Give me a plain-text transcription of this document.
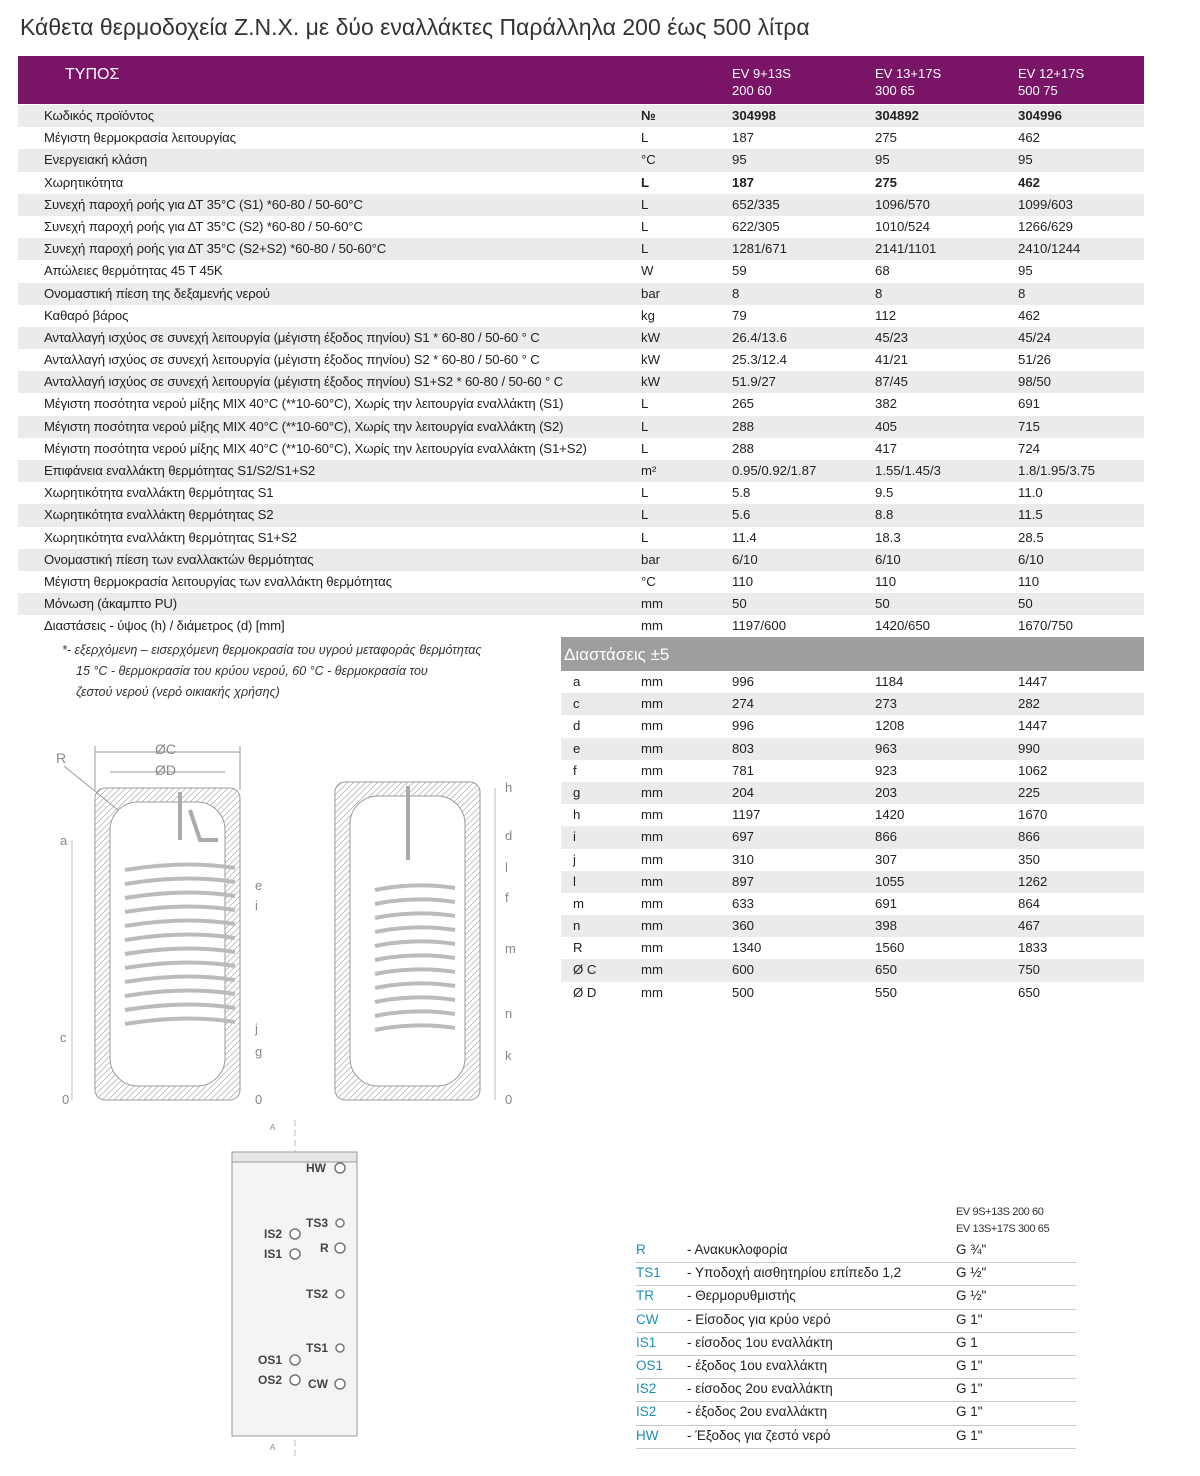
Κάθετα θερμοδοχεία Ζ.Ν.Χ. με δύο εναλλάκτες Παράλληλα 200 έως 500 λίτρα
ΤΥΠΟΣ	EV 9+13S
200 60
EV 13+17S
300 65
EV 12+17S
500 75
Κωδικός προϊόντος	№	304998	304892	304996
Μέγιστη θερμοκρασία λειτουργίας	L	187	275	462
Ενεργειακή κλάση	°C	95	95	95
Χωρητικότητα	L	187	275	462
Συνεχή παροχή ροής για ΔΤ 35°C (S1) *60-80 / 50-60°C	L	652/335	1096/570	1099/603
Συνεχή παροχή ροής για ΔΤ 35°C (S2) *60-80 / 50-60°C	L	622/305	1010/524	1266/629
Συνεχή παροχή ροής για ΔΤ 35°C (S2+S2) *60-80 / 50-60°C	L	1281/671	2141/1101	2410/1244
Απώλειες θερμότητας 45 Τ 45Κ	W	59	68	95
Ονομαστική πίεση της δεξαμενής νερού	bar	8	8	8
Καθαρό βάρος	kg	79	112	462
Ανταλλαγή ισχύος σε συνεχή λειτουργία (μέγιστη έξοδος πηνίου) S1 * 60-80 / 50-60 ° C	kW	26.4/13.6	45/23	45/24
Ανταλλαγή ισχύος σε συνεχή λειτουργία (μέγιστη έξοδος πηνίου) S2 * 60-80 / 50-60 ° C	kW	25.3/12.4	41/21	51/26
Ανταλλαγή ισχύος σε συνεχή λειτουργία (μέγιστη έξοδος πηνίου) S1+S2 * 60-80 / 50-60 ° C	kW	51.9/27	87/45	98/50
Μέγιστη ποσότητα νερού μίξης MIX 40°C (**10-60°C), Χωρίς την λειτουργία εναλλάκτη (S1)	L	265	382	691
Μέγιστη ποσότητα νερού μίξης MIX 40°C (**10-60°C), Χωρίς την λειτουργία εναλλάκτη (S2)	L	288	405	715
Μέγιστη ποσότητα νερού μίξης MIX 40°C (**10-60°C), Χωρίς την λειτουργία εναλλάκτη (S1+S2)	L	288	417	724
Επιφάνεια εναλλάκτη θερμότητας S1/S2/S1+S2	m²	0.95/0.92/1.87	1.55/1.45/3	1.8/1.95/3.75
Χωρητικότητα εναλλάκτη θερμότητας S1	L	5.8	9.5	11.0
Χωρητικότητα εναλλάκτη θερμότητας S2	L	5.6	8.8	11.5
Χωρητικότητα εναλλάκτη θερμότητας S1+S2	L	11.4	18.3	28.5
Ονομαστική πίεση των εναλλακτών θερμότητας	bar	6/10	6/10	6/10
Μέγιστη θερμοκρασία λειτουργίας των εναλλάκτη θερμότητας	°C	110	110	110
Μόνωση (άκαμπτο PU)	mm	50	50	50
Διαστάσεις - ύψος (h) / διάμετρος (d) [mm]	mm	1197/600	1420/650	1670/750
*- εξερχόμενη – εισερχόμενη θερμοκρασία του υγρού μεταφοράς θερμότητας
15 °C - θερμοκρασία του κρύου νερού, 60 °C - θερμοκρασία του
ζεστού νερού (νερό οικιακής χρήσης)
Διαστάσεις ±5
a	mm	996	1184	1447
c	mm	274	273	282
d	mm	996	1208	1447
e	mm	803	963	990
f	mm	781	923	1062
g	mm	204	203	225
h	mm	1197	1420	1670
i	mm	697	866	866
j	mm	310	307	350
l	mm	897	1055	1262
m	mm	633	691	864
n	mm	360	398	467
R	mm	1340	1560	1833
Ø C	mm	600	650	750
Ø D	mm	500	550	650
ØC
ØD
R
a
c
0
e
i
j
g
0
h
d
l
f
m
n
k
0
A
A
HW
TS3
IS2
IS1	R
TS2
TS1
OS1
OS2 CW
EV 9S+13S 200 60
EV 13S+17S 300 65
R	- Ανακυκλοφορία	G ¾"
TS1 - Υποδοχή αισθητηρίου επίπεδο 1,2	G ½"
TR - Θερμορυθμιστής	G ½"
CW - Είσοδος για κρύο νερό	G 1"
IS1 - είσοδος 1ου εναλλάκτη	G 1
OS1 - έξοδος 1ου εναλλάκτη	G 1"
IS2 - είσοδος 2ου εναλλάκτη	G 1"
IS2 - έξοδος 2ου εναλλάκτη	G 1"
HW - Έξοδος για ζεστό νερό	G 1"
